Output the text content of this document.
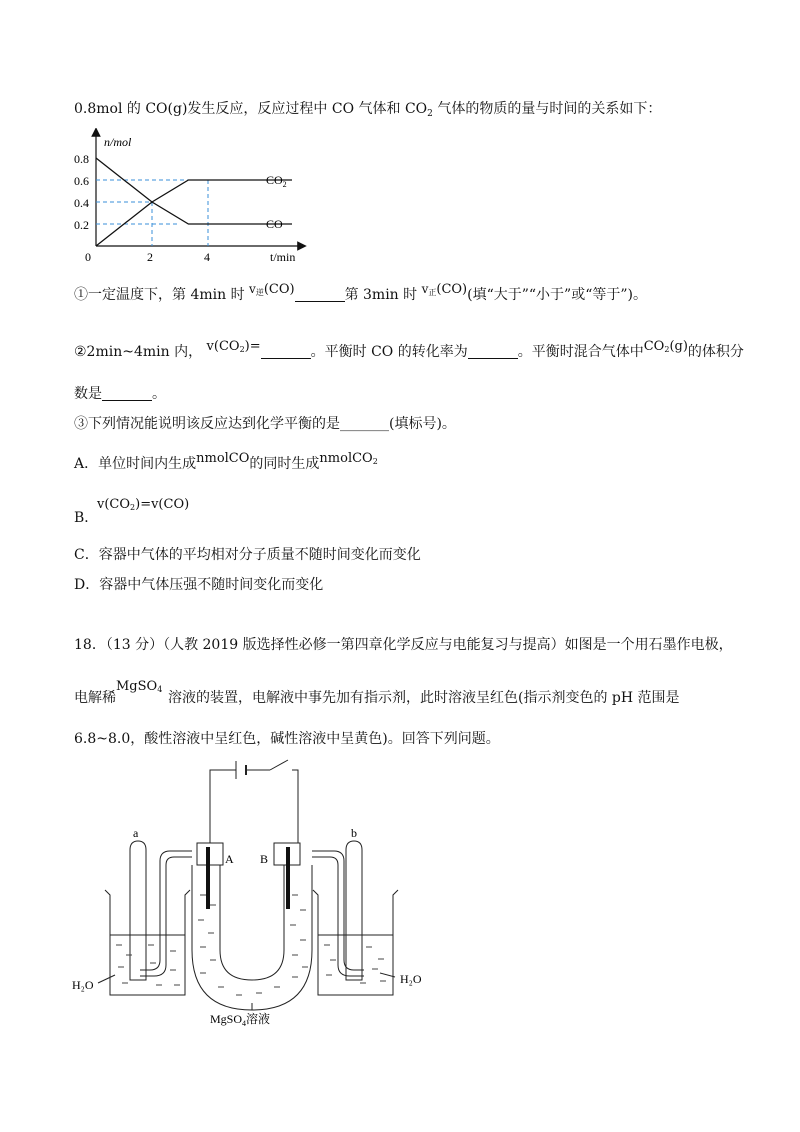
0.8mol 的 CO(g)发生反应，反应过程中 CO 气体和 $CO_2$ 气体的物质的量与时间的关系如下：
n/mol
t/min
0
0.8
0.6
0.4
0.2
2	4
$CO_2$
CO
①一定温度下，第 4min 时 v逆(CO)	第 3min 时 v正(CO)(填“大于”“小于”或“等于”)。
②2min~4min 内， v(CO2)=	。平衡时 CO 的转化率为	。平衡时混合气体中CO2(g)的体积分
数是	。
③下列情况能说明该反应达到化学平衡的是_______(填标号)。
A．单位时间内生成nmolCO的同时生成nmolCO2
v(CO2)=v(CO)
B．
C．容器中气体的平均相对分子质量不随时间变化而变化
D．容器中气体压强不随时间变化而变化
18．（13 分）（人教 2019 版选择性必修一第四章化学反应与电能复习与提高）如图是一个用石墨作电极，
MgSO4
电解稀	溶液的装置，电解液中事先加有指示剂，此时溶液呈红色(指示剂变色的 pH 范围是
6.8~8.0，酸性溶液中呈红色，碱性溶液中呈黄色)。回答下列问题。
a	b
A B
H₂O	H₂O
MgSO$_4$溶液
